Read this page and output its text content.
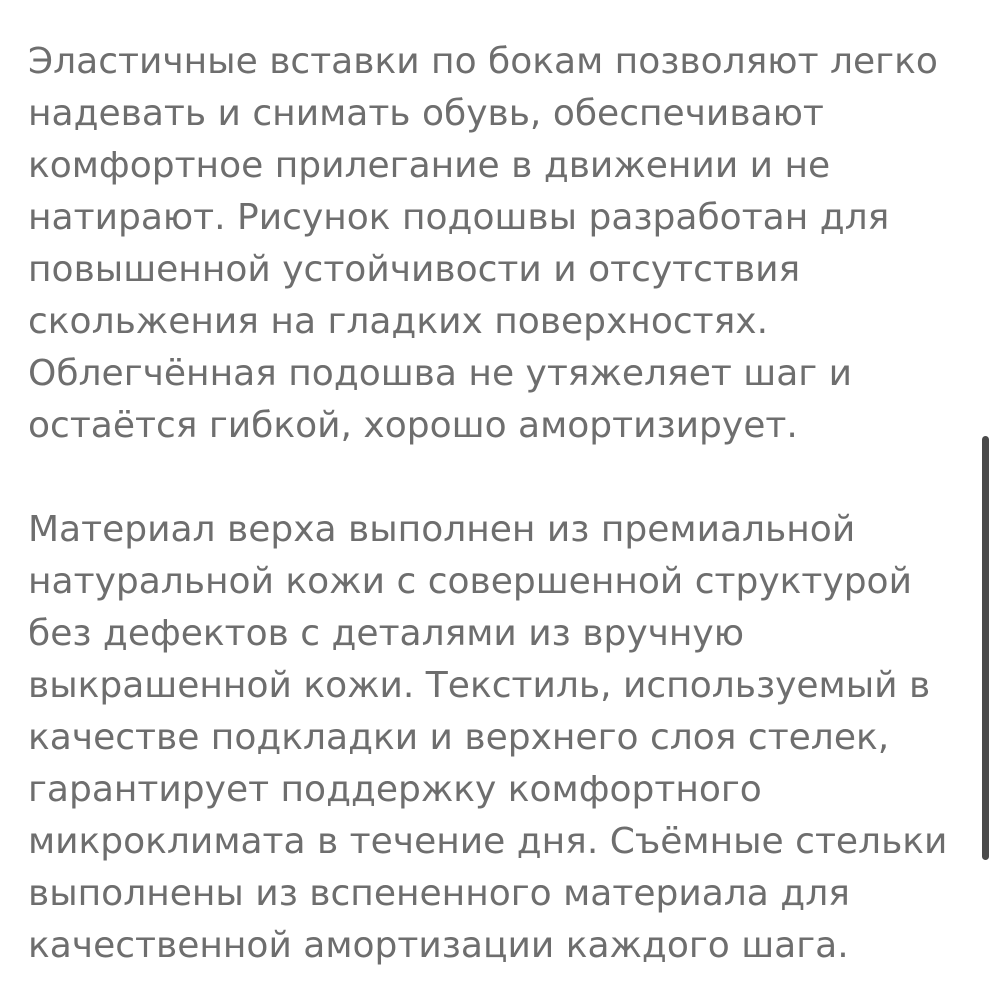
Эластичные вставки по бокам позволяют легко
надевать и снимать обувь, обеспечивают
комфортное прилегание в движении и не
натирают. Рисунок подошвы разработан для
повышенной устойчивости и отсутствия
скольжения на гладких поверхностях.
Облегчённая подошва не утяжеляет шаг и
остаётся гибкой, хорошо амортизирует.

Материал верха выполнен из премиальной
натуральной кожи с совершенной структурой
без дефектов с деталями из вручную
выкрашенной кожи. Текстиль, используемый в
качестве подкладки и верхнего слоя стелек,
гарантирует поддержку комфортного
микроклимата в течение дня. Съёмные стельки
выполнены из вспененного материала для
качественной амортизации каждого шага.
